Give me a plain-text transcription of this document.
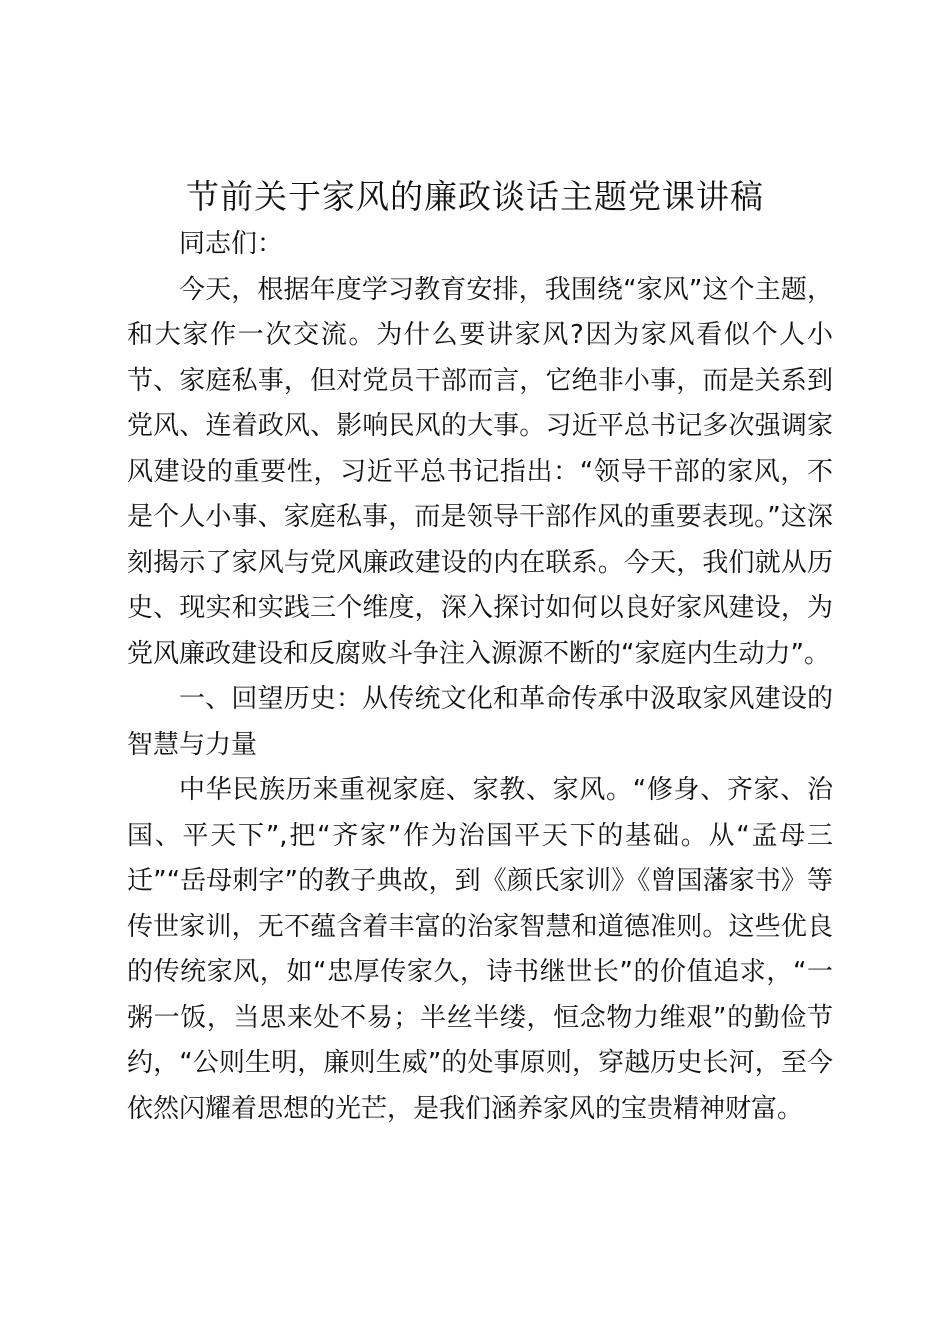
节前关于家风的廉政谈话主题党课讲稿

同志们：

今天，根据年度学习教育安排，我围绕“家风”这个主题，和大家作一次交流。为什么要讲家风?因为家风看似个人小节、家庭私事，但对党员干部而言，它绝非小事，而是关系到党风、连着政风、影响民风的大事。习近平总书记多次强调家风建设的重要性，习近平总书记指出：“领导干部的家风，不是个人小事、家庭私事，而是领导干部作风的重要表现。”这深刻揭示了家风与党风廉政建设的内在联系。今天，我们就从历史、现实和实践三个维度，深入探讨如何以良好家风建设，为党风廉政建设和反腐败斗争注入源源不断的“家庭内生动力”。

一、回望历史：从传统文化和革命传承中汲取家风建设的智慧与力量

中华民族历来重视家庭、家教、家风。“修身、齐家、治国、平天下”,把“齐家”作为治国平天下的基础。从“孟母三迁”“岳母刺字”的教子典故，到《颜氏家训》《曾国藩家书》等传世家训，无不蕴含着丰富的治家智慧和道德准则。这些优良的传统家风，如“忠厚传家久，诗书继世长”的价值追求，“一粥一饭，当思来处不易；半丝半缕，恒念物力维艰”的勤俭节约，“公则生明，廉则生威”的处事原则，穿越历史长河，至今依然闪耀着思想的光芒，是我们涵养家风的宝贵精神财富。
